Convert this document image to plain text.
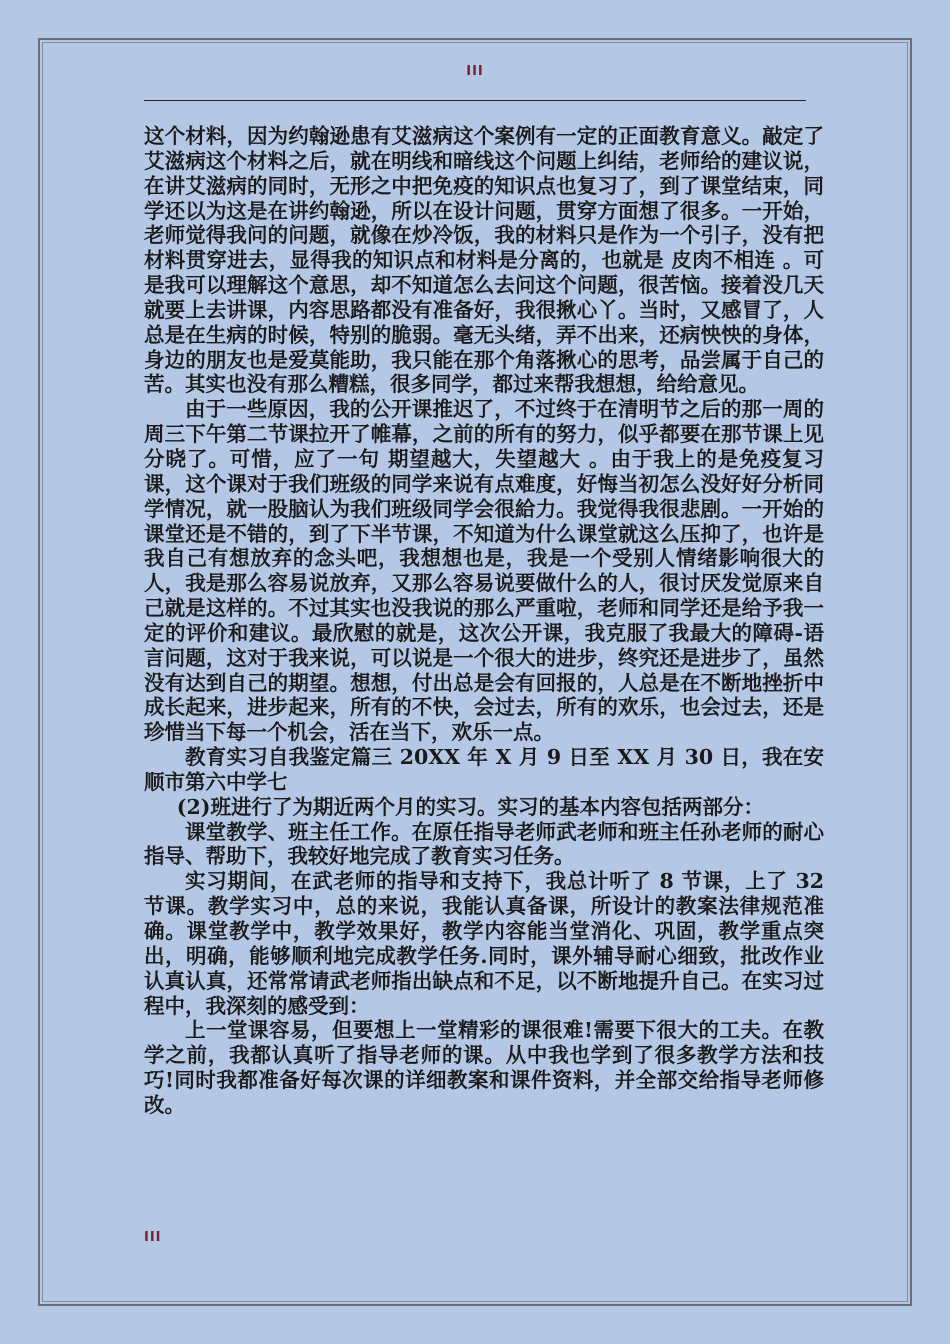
III

这个材料，因为约翰逊患有艾滋病这个案例有一定的正面教育意义。敲定了艾滋病这个材料之后，就在明线和暗线这个问题上纠结，老师给的建议说，在讲艾滋病的同时，无形之中把免疫的知识点也复习了，到了课堂结束，同学还以为这是在讲约翰逊，所以在设计问题，贯穿方面想了很多。一开始，老师觉得我问的问题，就像在炒冷饭，我的材料只是作为一个引子，没有把材料贯穿进去，显得我的知识点和材料是分离的，也就是 皮肉不相连 。可是我可以理解这个意思，却不知道怎么去问这个问题，很苦恼。接着没几天就要上去讲课，内容思路都没有准备好，我很揪心丫。当时，又感冒了，人总是在生病的时候，特别的脆弱。毫无头绪，弄不出来，还病怏怏的身体，身边的朋友也是爱莫能助，我只能在那个角落揪心的思考，品尝属于自己的苦。其实也没有那么糟糕，很多同学，都过来帮我想想，给给意见。

由于一些原因，我的公开课推迟了，不过终于在清明节之后的那一周的周三下午第二节课拉开了帷幕，之前的所有的努力，似乎都要在那节课上见分晓了。可惜，应了一句 期望越大，失望越大 。由于我上的是免疫复习课，这个课对于我们班级的同学来说有点难度，好悔当初怎么没好好分析同学情况，就一股脑认为我们班级同学会很給力。我觉得我很悲剧。一开始的课堂还是不错的，到了下半节课，不知道为什么课堂就这么压抑了，也许是我自己有想放弃的念头吧，我想想也是，我是一个受别人情绪影响很大的人，我是那么容易说放弃，又那么容易说要做什么的人，很讨厌发觉原来自己就是这样的。不过其实也没我说的那么严重啦，老师和同学还是给予我一定的评价和建议。最欣慰的就是，这次公开课，我克服了我最大的障碍-语言问题，这对于我来说，可以说是一个很大的进步，终究还是进步了，虽然没有达到自己的期望。想想，付出总是会有回报的，人总是在不断地挫折中成长起来，进步起来，所有的不快，会过去，所有的欢乐，也会过去，还是珍惜当下每一个机会，活在当下，欢乐一点。

教育实习自我鉴定篇三 20XX 年 X 月 9 日至 XX 月 30 日，我在安顺市第六中学七

(2)班进行了为期近两个月的实习。实习的基本内容包括两部分：

课堂教学、班主任工作。在原任指导老师武老师和班主任孙老师的耐心指导、帮助下，我较好地完成了教育实习任务。

实习期间，在武老师的指导和支持下，我总计听了 8 节课，上了 32 节课。教学实习中，总的来说，我能认真备课，所设计的教案法律规范准确。课堂教学中，教学效果好，教学内容能当堂消化、巩固，教学重点突出，明确，能够顺利地完成教学任务.同时，课外辅导耐心细致，批改作业认真认真，还常常请武老师指出缺点和不足，以不断地提升自己。在实习过程中，我深刻的感受到：

上一堂课容易，但要想上一堂精彩的课很难!需要下很大的工夫。在教学之前，我都认真听了指导老师的课。从中我也学到了很多教学方法和技巧!同时我都准备好每次课的详细教案和课件资料，并全部交给指导老师修改。

III
